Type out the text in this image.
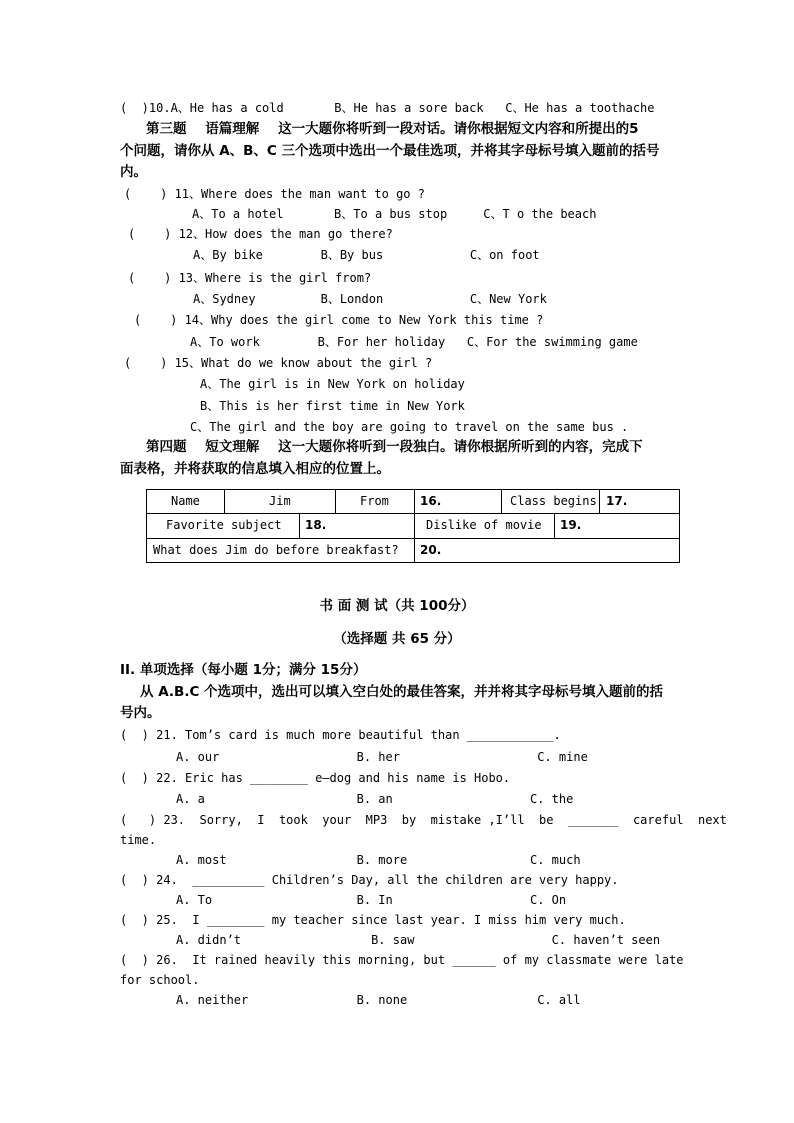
(  )10.A、He has a cold       B、He has a sore back   C、He has a toothache
第三题    语篇理解    这一大题你将听到一段对话。请你根据短文内容和所提出的5
个问题，请你从 A、B、C 三个选项中选出一个最佳选项，并将其字母标号填入题前的括号
内。
(    ) 11、Where does the man want to go ?
A、To a hotel       B、To a bus stop     C、T o the beach
(    ) 12、How does the man go there?
A、By bike        B、By bus            C、on foot
(    ) 13、Where is the girl from?
A、Sydney         B、London            C、New York
(    ) 14、Why does the girl come to New York this time ?
A、To work        B、For her holiday   C、For the swimming game
(    ) 15、What do we know about the girl ?
A、The girl is in New York on holiday
B、This is her first time in New York
C、The girl and the boy are going to travel on the same bus .
第四题    短文理解    这一大题你将听到一段独白。请你根据所听到的内容，完成下
面表格，并将获取的信息填入相应的位置上。
Name	Jim	From	16.	Class begins 17.
Favorite subject	18.	Dislike of movie	19.
What does Jim do before breakfast?	20.
书 面 测 试（共 100分）
（选择题 共 65 分）
II. 单项选择（每小题 1分；满分 15分）
从 A.B.C 个选项中，选出可以填入空白处的最佳答案，并并将其字母标号填入题前的括
号内。
(  ) 21. Tom’s card is much more beautiful than ____________.
A. our                   B. her                   C. mine
(  ) 22. Eric has ________ e—dog and his name is Hobo.
A. a                     B. an                   C. the
(   ) 23.  Sorry,  I  took  your  MP3  by  mistake ,I’ll  be  _______  careful  next
time.
A. most                  B. more                 C. much
(  ) 24.  __________ Children’s Day, all the children are very happy.
A. To                    B. In                   C. On
(  ) 25.  I ________ my teacher since last year. I miss him very much.
A. didn’t                  B. saw                   C. haven’t seen
(  ) 26.  It rained heavily this morning, but ______ of my classmate were late
for school.
A. neither               B. none                  C. all
